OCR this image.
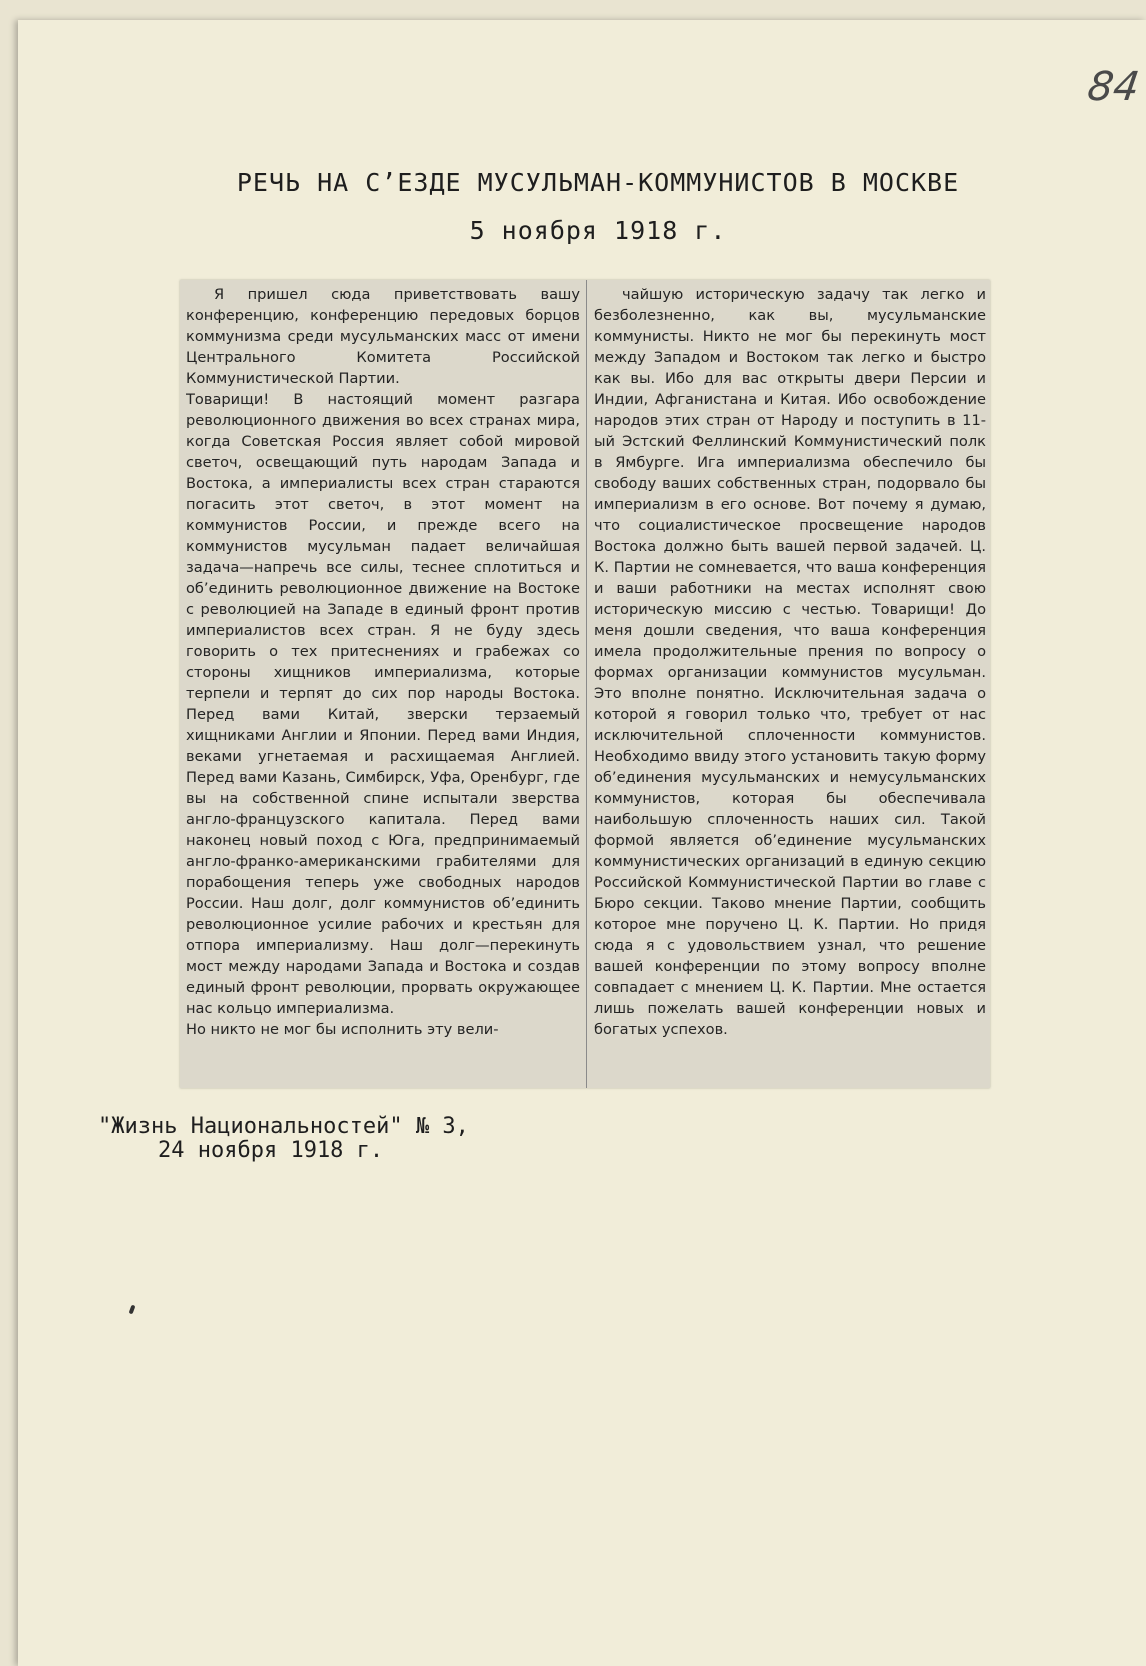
84
РЕЧЬ НА С’ЕЗДЕ МУСУЛЬМАН-КОММУНИСТОВ В МОСКВЕ
5 ноября 1918 г.

Я пришел сюда приветствовать вашу конференцию, конференцию передовых борцов коммунизма среди мусульманских масс от имени Центрального Комитета Российской Коммунистической Партии.

Товарищи! В настоящий момент разгара революционного движения во всех странах мира, когда Советская Россия являет собой мировой светоч, освещающий путь народам Запада и Востока, а империалисты всех стран стараются погасить этот светоч, в этот момент на коммунистов России, и прежде всего на коммунистов мусульман падает величайшая задача—напречь все силы, теснее сплотиться и об’единить революционное движение на Востоке с революцией на Западе в единый фронт против империалистов всех стран. Я не буду здесь говорить о тех притеснениях и грабежах со стороны хищников империализма, которые терпели и терпят до сих пор народы Востока. Перед вами Китай, зверски терзаемый хищниками Англии и Японии. Перед вами Индия, веками угнетаемая и расхищаемая Англией. Перед вами Казань, Симбирск, Уфа, Оренбург, где вы на собственной спине испытали зверства англо-французского капитала. Перед вами наконец новый поход с Юга, предпринимаемый англо-франко-американскими грабителями для порабощения теперь уже свободных народов России. Наш долг, долг коммунистов об’единить революционное усилие рабочих и крестьян для отпора империализму. Наш долг—перекинуть мост между народами Запада и Востока и создав единый фронт революции, прорвать окружающее нас кольцо империализма.

Но никто не мог бы исполнить эту вели-

чайшую историческую задачу так легко и безболезненно, как вы, мусульманские коммунисты. Никто не мог бы перекинуть мост между Западом и Востоком так легко и быстро как вы. Ибо для вас открыты двери Персии и Индии, Афганистана и Китая. Ибо освобождение народов этих стран от Народу и поступить в 11-ый Эстский Феллинский Коммунистический полк в Ямбурге. Ига империализма обеспечило бы свободу ваших собственных стран, подорвало бы империализм в его основе. Вот почему я думаю, что социалистическое просвещение народов Востока должно быть вашей первой задачей. Ц. К. Партии не сомневается, что ваша конференция и ваши работники на местах исполнят свою историческую миссию с честью. Товарищи! До меня дошли сведения, что ваша конференция имела продолжительные прения по вопросу о формах организации коммунистов мусульман. Это вполне понятно. Исключительная задача о которой я говорил только что, требует от нас исключительной сплоченности коммунистов. Необходимо ввиду этого установить такую форму об’единения мусульманских и немусульманских коммунистов, которая бы обеспечивала наибольшую сплоченность наших сил. Такой формой является об’единение мусульманских коммунистических организаций в единую секцию Российской Коммунистической Партии во главе с Бюро секции. Таково мнение Партии, сообщить которое мне поручено Ц. К. Партии. Но придя сюда я с удовольствием узнал, что решение вашей конференции по этому вопросу вполне совпадает с мнением Ц. К. Партии. Мне остается лишь пожелать вашей конференции новых и богатых успехов.

"Жизнь Национальностей" № 3,

24 ноября 1918 г.
